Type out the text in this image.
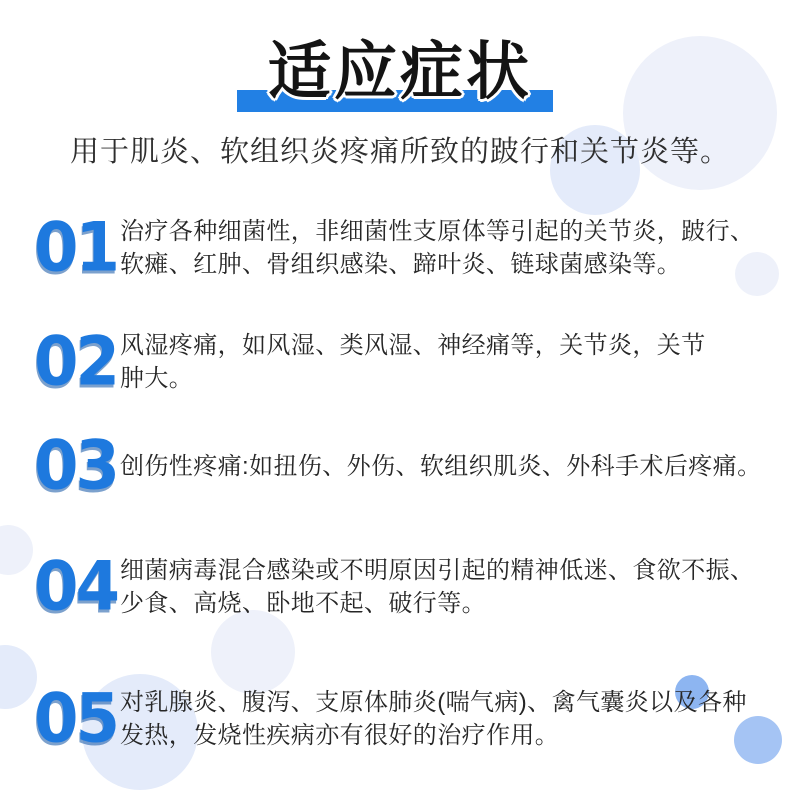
适应症状

用于肌炎、软组织炎疼痛所致的跛行和关节炎等。

01 治疗各种细菌性，非细菌性支原体等引起的关节炎，跛行、
软瘫、红肿、骨组织感染、蹄叶炎、链球菌感染等。

02 风湿疼痛，如风湿、类风湿、神经痛等，关节炎，关节
肿大。

03 创伤性疼痛:如扭伤、外伤、软组织肌炎、外科手术后疼痛。

04 细菌病毒混合感染或不明原因引起的精神低迷、食欲不振、
少食、高烧、卧地不起、破行等。

05 对乳腺炎、腹泻、支原体肺炎(喘气病)、禽气囊炎以及各种
发热，发烧性疾病亦有很好的治疗作用。
